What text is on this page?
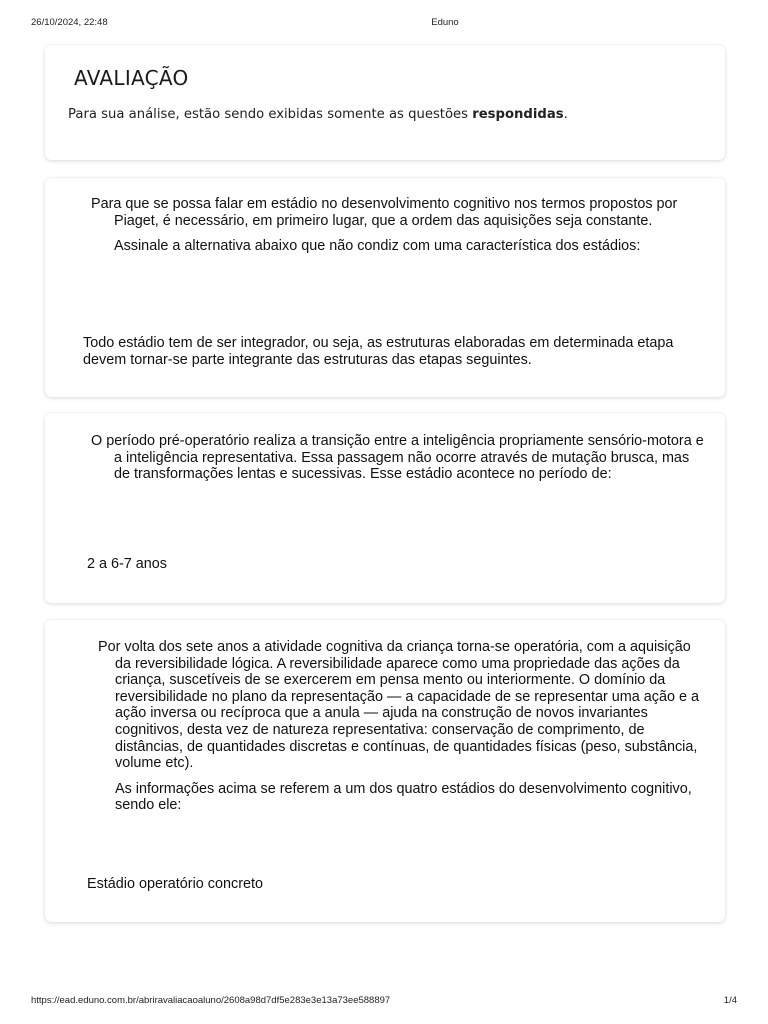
26/10/2024, 22:48	Eduno
AVALIAÇÃO

Para sua análise, estão sendo exibidas somente as questões respondidas.

Para que se possa falar em estádio no desenvolvimento cognitivo nos termos propostos por Piaget, é necessário, em primeiro lugar, que a ordem das aquisições seja constante.

Assinale a alternativa abaixo que não condiz com uma característica dos estádios:

Todo estádio tem de ser integrador, ou seja, as estruturas elaboradas em determinada etapa devem tornar-se parte integrante das estruturas das etapas seguintes.

O período pré-operatório realiza a transição entre a inteligência propriamente sensório-motora e a inteligência representativa. Essa passagem não ocorre através de mutação brusca, mas de transformações lentas e sucessivas. Esse estádio acontece no período de:

2 a 6-7 anos

Por volta dos sete anos a atividade cognitiva da criança torna-se operatória, com a aquisição da reversibilidade lógica. A reversibilidade aparece como uma propriedade das ações da criança, suscetíveis de se exercerem em pensa mento ou interiormente. O domínio da reversibilidade no plano da representação — a capacidade de se representar uma ação e a ação inversa ou recíproca que a anula — ajuda na construção de novos invariantes cognitivos, desta vez de natureza representativa: conservação de comprimento, de distâncias, de quantidades discretas e contínuas, de quantidades físicas (peso, substância, volume etc).

As informações acima se referem a um dos quatro estádios do desenvolvimento cognitivo, sendo ele:

Estádio operatório concreto

https://ead.eduno.com.br/abriravaliacaoaluno/2608a98d7df5e283e3e13a73ee588897	1/4
